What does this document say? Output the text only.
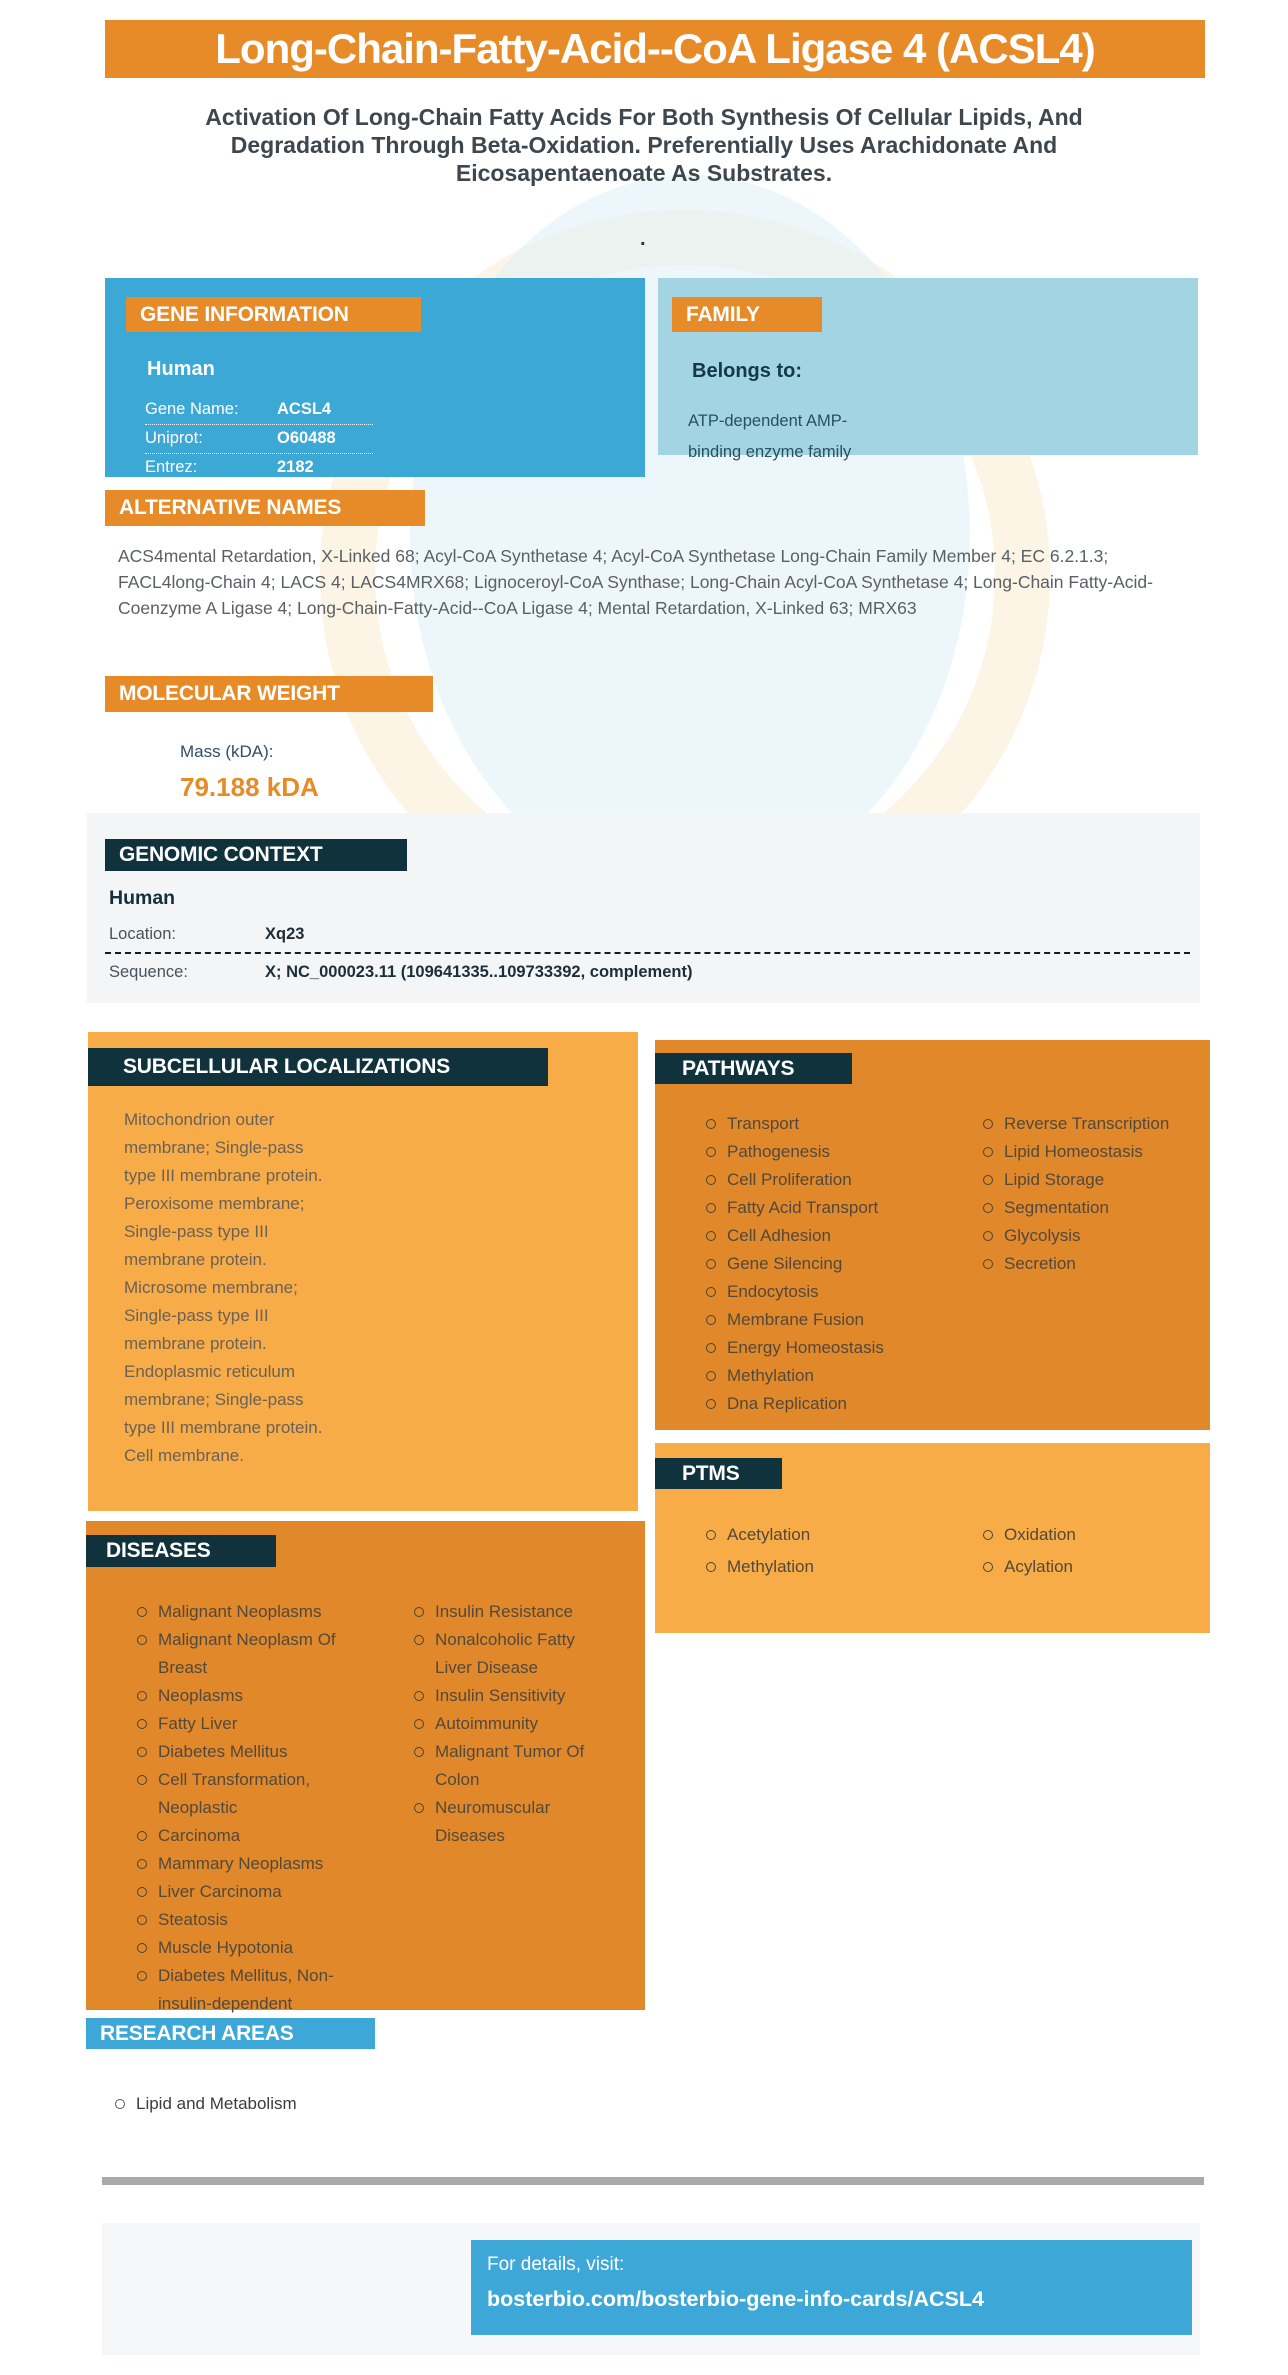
Long-Chain-Fatty-Acid--CoA Ligase 4 (ACSL4)
Activation Of Long-Chain Fatty Acids For Both Synthesis Of Cellular Lipids, And Degradation Through Beta-Oxidation. Preferentially Uses Arachidonate And Eicosapentaenoate As Substrates.
.
GENE INFORMATION
Human
Gene Name:	ACSL4
Uniprot:	O60488
Entrez:	2182
FAMILY
Belongs to:
ATP-dependent AMP-binding enzyme family
ALTERNATIVE NAMES
ACS4mental Retardation, X-Linked 68; Acyl-CoA Synthetase 4; Acyl-CoA Synthetase Long-Chain Family Member 4; EC 6.2.1.3; FACL4long-Chain 4; LACS 4; LACS4MRX68; Lignoceroyl-CoA Synthase; Long-Chain Acyl-CoA Synthetase 4; Long-Chain Fatty-Acid-Coenzyme A Ligase 4; Long-Chain-Fatty-Acid--CoA Ligase 4; Mental Retardation, X-Linked 63; MRX63
MOLECULAR WEIGHT
Mass (kDA):
79.188 kDA
GENOMIC CONTEXT
Human
Location:	Xq23
Sequence:	X; NC_000023.11 (109641335..109733392, complement)
SUBCELLULAR LOCALIZATIONS
Mitochondrion outer membrane; Single-pass type III membrane protein. Peroxisome membrane; Single-pass type III membrane protein. Microsome membrane; Single-pass type III membrane protein. Endoplasmic reticulum membrane; Single-pass type III membrane protein. Cell membrane.
PATHWAYS
Transport
Pathogenesis
Cell Proliferation
Fatty Acid Transport
Cell Adhesion
Gene Silencing
Endocytosis
Membrane Fusion
Energy Homeostasis
Methylation
Dna Replication
Reverse Transcription
Lipid Homeostasis
Lipid Storage
Segmentation
Glycolysis
Secretion
PTMS
Acetylation
Methylation
Oxidation
Acylation
DISEASES
Malignant Neoplasms
Malignant Neoplasm Of Breast
Neoplasms
Fatty Liver
Diabetes Mellitus
Cell Transformation, Neoplastic
Carcinoma
Mammary Neoplasms
Liver Carcinoma
Steatosis
Muscle Hypotonia
Diabetes Mellitus, Non-insulin-dependent
Insulin Resistance
Nonalcoholic Fatty Liver Disease
Insulin Sensitivity
Autoimmunity
Malignant Tumor Of Colon
Neuromuscular Diseases
RESEARCH AREAS
Lipid and Metabolism
For details, visit:
bosterbio.com/bosterbio-gene-info-cards/ACSL4
